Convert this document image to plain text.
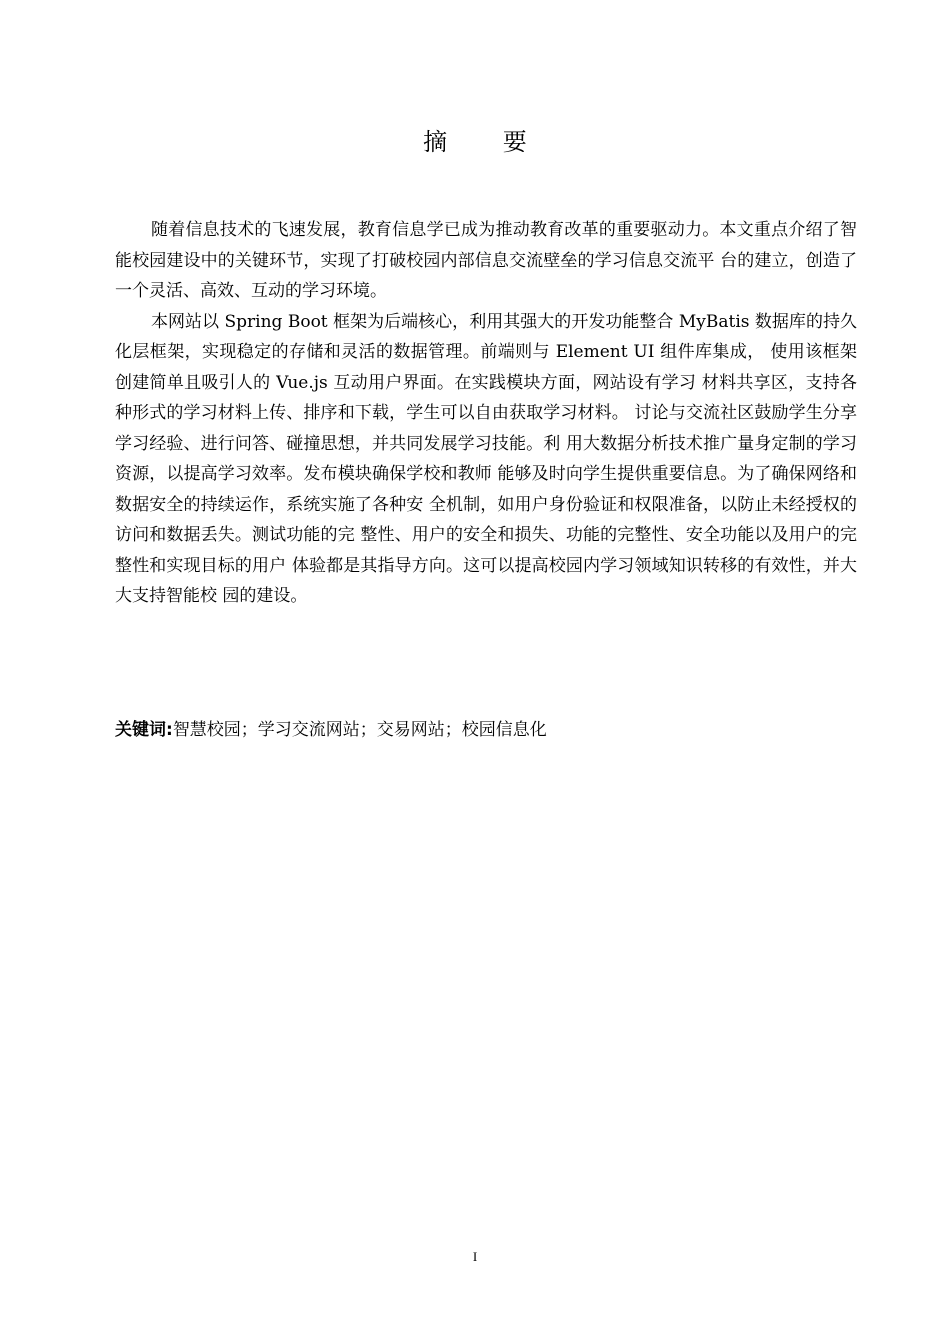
摘 要

随着信息技术的飞速发展，教育信息学已成为推动教育改革的重要驱动力。本文重点介绍了智能校园建设中的关键环节，实现了打破校园内部信息交流壁垒的学习信息交流平 台的建立，创造了一个灵活、高效、互动的学习环境。

本网站以 Spring Boot 框架为后端核心，利用其强大的开发功能整合 MyBatis 数据库的持久化层框架，实现稳定的存储和灵活的数据管理。前端则与 Element UI 组件库集成， 使用该框架创建简单且吸引人的 Vue.js 互动用户界面。在实践模块方面，网站设有学习 材料共享区，支持各种形式的学习材料上传、排序和下载，学生可以自由获取学习材料。 讨论与交流社区鼓励学生分享学习经验、进行问答、碰撞思想，并共同发展学习技能。利 用大数据分析技术推广量身定制的学习资源，以提高学习效率。发布模块确保学校和教师 能够及时向学生提供重要信息。为了确保网络和数据安全的持续运作，系统实施了各种安 全机制，如用户身份验证和权限准备，以防止未经授权的访问和数据丢失。测试功能的完 整性、用户的安全和损失、功能的完整性、安全功能以及用户的完整性和实现目标的用户 体验都是其指导方向。这可以提高校园内学习领域知识转移的有效性，并大大支持智能校 园的建设。

关键词:智慧校园；学习交流网站；交易网站；校园信息化
I
